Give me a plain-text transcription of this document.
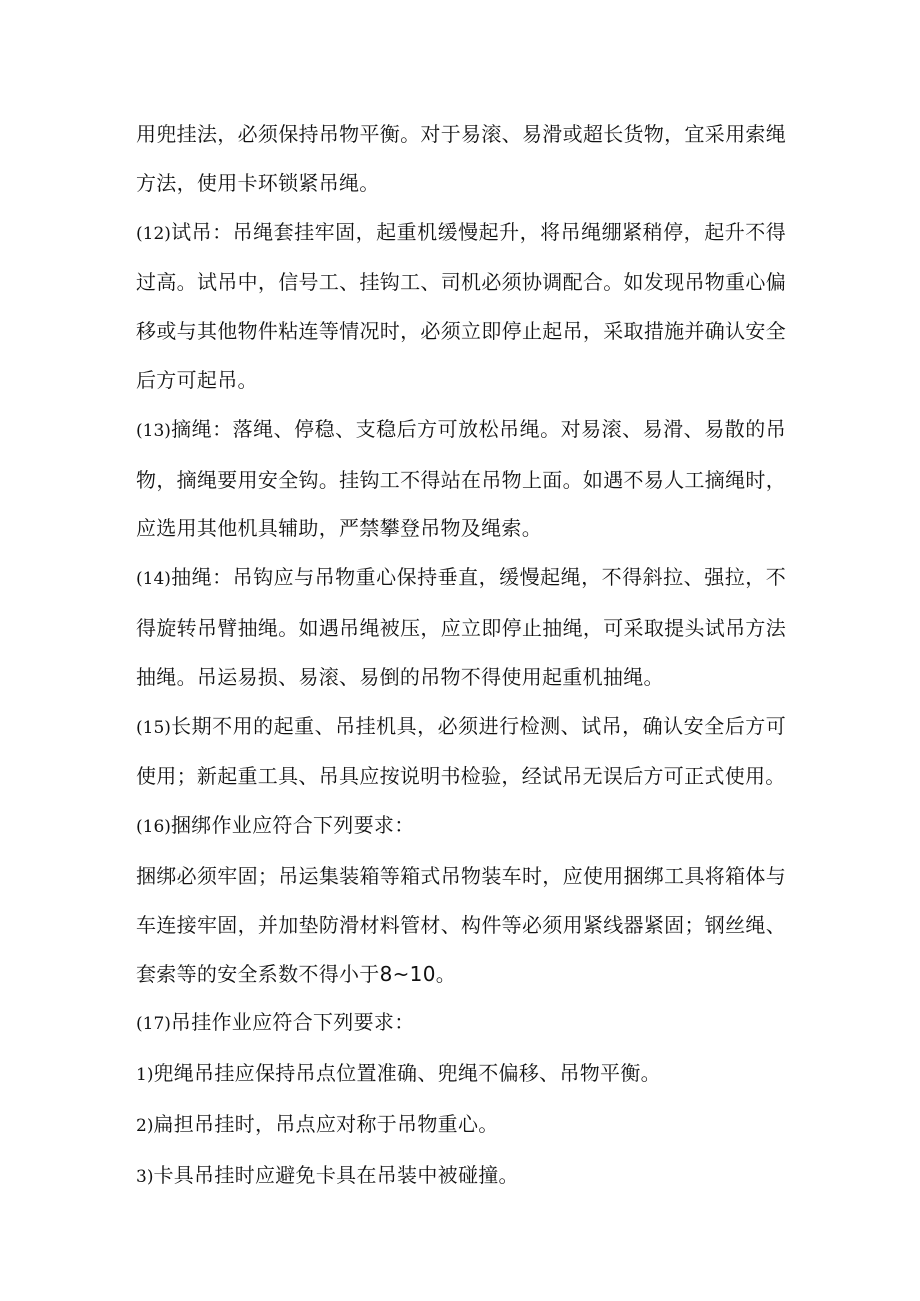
用兜挂法，必须保持吊物平衡。对于易滚、易滑或超长货物，宜采用索绳方法，使用卡环锁紧吊绳。

(12)试吊：吊绳套挂牢固，起重机缓慢起升，将吊绳绷紧稍停，起升不得过高。试吊中，信号工、挂钩工、司机必须协调配合。如发现吊物重心偏移或与其他物件粘连等情况时，必须立即停止起吊，采取措施并确认安全后方可起吊。

(13)摘绳：落绳、停稳、支稳后方可放松吊绳。对易滚、易滑、易散的吊物，摘绳要用安全钩。挂钩工不得站在吊物上面。如遇不易人工摘绳时，应选用其他机具辅助，严禁攀登吊物及绳索。

(14)抽绳：吊钩应与吊物重心保持垂直，缓慢起绳，不得斜拉、强拉，不得旋转吊臂抽绳。如遇吊绳被压，应立即停止抽绳，可采取提头试吊方法抽绳。吊运易损、易滚、易倒的吊物不得使用起重机抽绳。

(15)长期不用的起重、吊挂机具，必须进行检测、试吊，确认安全后方可使用；新起重工具、吊具应按说明书检验，经试吊无误后方可正式使用。

(16)捆绑作业应符合下列要求：

捆绑必须牢固；吊运集装箱等箱式吊物装车时，应使用捆绑工具将箱体与车连接牢固，并加垫防滑材料管材、构件等必须用紧线器紧固；钢丝绳、套索等的安全系数不得小于8~10。

(17)吊挂作业应符合下列要求：

1)兜绳吊挂应保持吊点位置准确、兜绳不偏移、吊物平衡。

2)扁担吊挂时，吊点应对称于吊物重心。

3)卡具吊挂时应避免卡具在吊装中被碰撞。
